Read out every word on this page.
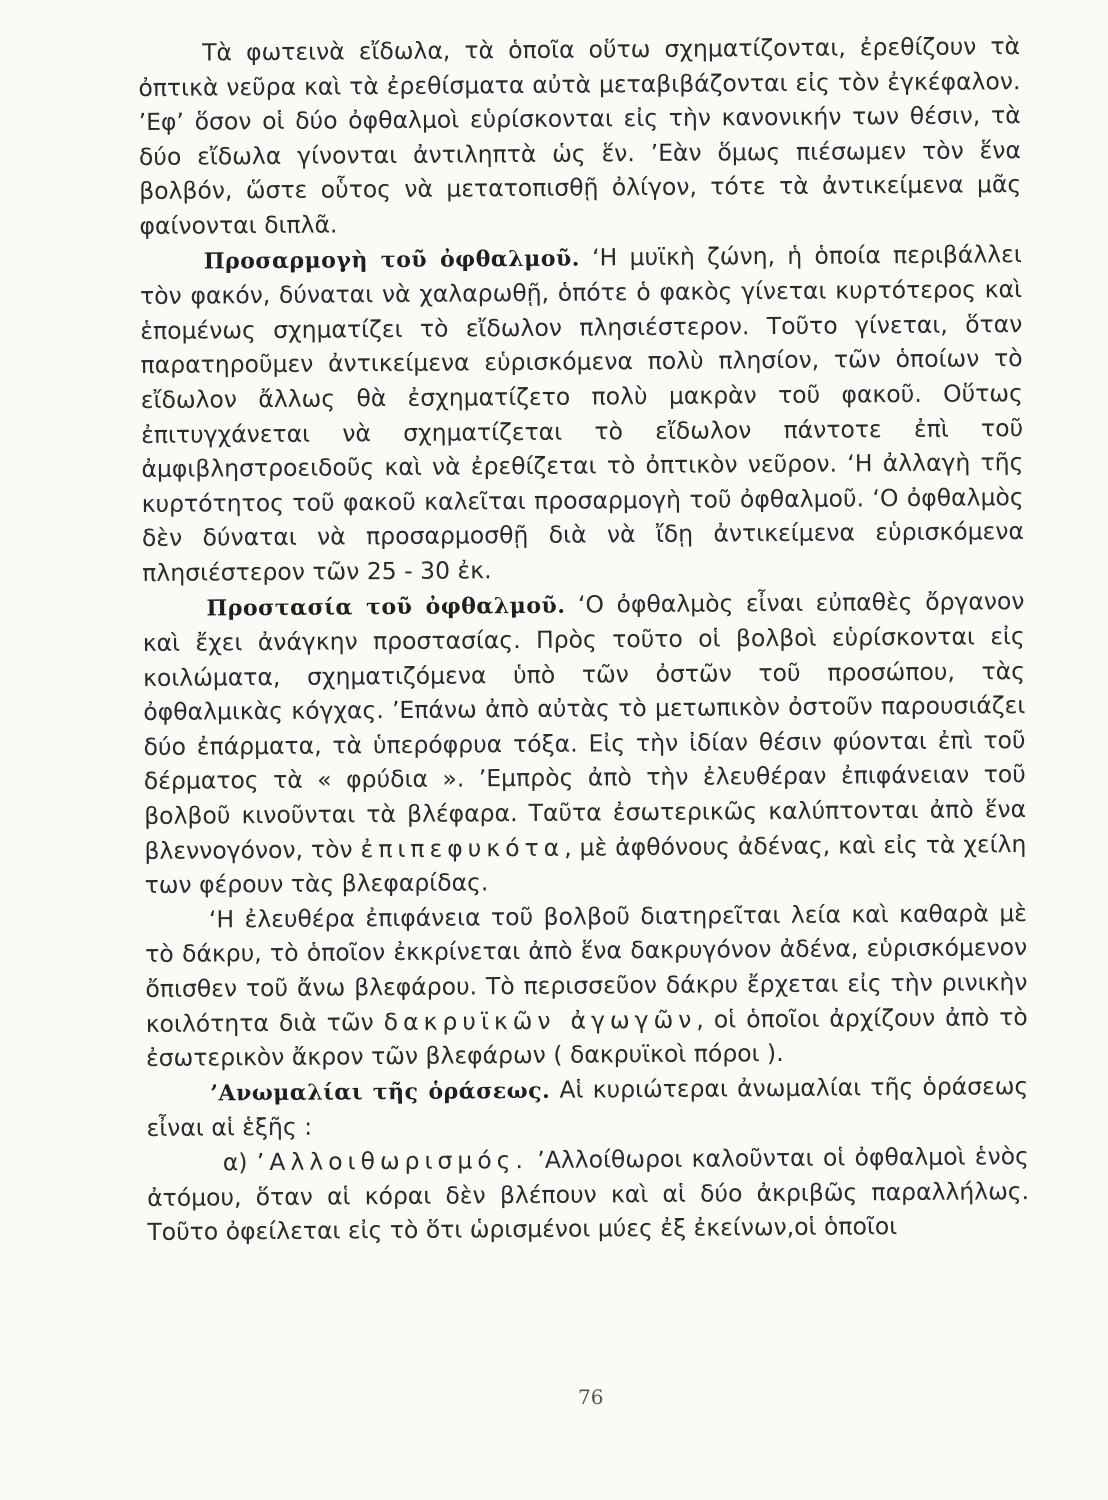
Τὰ φωτεινὰ εἴδωλα, τὰ ὁποῖα οὕτω σχηματίζονται, ἐρεθίζουν τὰ ὀπτικὰ νεῦρα καὶ τὰ ἐρεθίσματα αὐτὰ μεταβιβάζονται εἰς τὸν ἐγκέφαλον. ’Εφ’ ὅσον οἱ δύο ὀφθαλμοὶ εὑρίσκονται εἰς τὴν κανονικήν των θέσιν, τὰ δύο εἴδωλα γίνονται ἀντιληπτὰ ὡς ἕν. ’Εὰν ὅμως πιέσωμεν τὸν ἕνα βολβόν, ὥστε οὗτος νὰ μετατοπισθῇ ὀλίγον, τότε τὰ ἀντικείμενα μᾶς φαίνονται διπλᾶ.

Προσαρμογὴ τοῦ ὀφθαλμοῦ. ‘Η μυϊκὴ ζώνη, ἡ ὁποία περιβάλλει τὸν φακόν, δύναται νὰ χαλαρωθῇ, ὁπότε ὁ φακὸς γίνεται κυρτότερος καὶ ἑπομένως σχηματίζει τὸ εἴδωλον πλησιέστερον. Τοῦτο γίνεται, ὅταν παρατηροῦμεν ἀντικείμενα εὑρισκόμενα πολὺ πλησίον, τῶν ὁποίων τὸ εἴδωλον ἄλλως θὰ ἐσχηματίζετο πολὺ μακρὰν τοῦ φακοῦ. Οὕτως ἐπιτυγχάνεται νὰ σχηματίζεται τὸ εἴδωλον πάντοτε ἐπὶ τοῦ ἀμφιβληστροειδοῦς καὶ νὰ ἐρεθίζεται τὸ ὀπτικὸν νεῦρον. ‘Η ἀλλαγὴ τῆς κυρτότητος τοῦ φακοῦ καλεῖται προσαρμογὴ τοῦ ὀφθαλμοῦ. ‘Ο ὀφθαλμὸς δὲν δύναται νὰ προσαρμοσθῇ διὰ νὰ ἴδῃ ἀντικείμενα εὑρισκόμενα πλησιέστερον τῶν 25 - 30 ἐκ.

Προστασία τοῦ ὀφθαλμοῦ. ‘Ο ὀφθαλμὸς εἶναι εὐπαθὲς ὄργανον καὶ ἔχει ἀνάγκην προστασίας. Πρὸς τοῦτο οἱ βολβοὶ εὑρίσκονται εἰς κοιλώματα, σχηματιζόμενα ὑπὸ τῶν ὀστῶν τοῦ προσώπου, τὰς ὀφθαλμικὰς κόγχας. ’Επάνω ἀπὸ αὐτὰς τὸ μετωπικὸν ὀστοῦν παρουσιάζει δύο ἐπάρματα, τὰ ὑπερόφρυα τόξα. Εἰς τὴν ἰδίαν θέσιν φύονται ἐπὶ τοῦ δέρματος τὰ « φρύδια ». ’Εμπρὸς ἀπὸ τὴν ἐλευθέραν ἐπιφάνειαν τοῦ βολβοῦ κινοῦνται τὰ βλέφαρα. Ταῦτα ἐσωτερικῶς καλύπτονται ἀπὸ ἕνα βλεννογόνον, τὸν ἐπιπεφυκότα, μὲ ἀφθόνους ἀδένας, καὶ εἰς τὰ χείλη των φέρουν τὰς βλεφαρίδας.

‘Η ἐλευθέρα ἐπιφάνεια τοῦ βολβοῦ διατηρεῖται λεία καὶ καθαρὰ μὲ τὸ δάκρυ, τὸ ὁποῖον ἐκκρίνεται ἀπὸ ἕνα δακρυγόνον ἀδένα, εὑρισκόμενον ὄπισθεν τοῦ ἄνω βλεφάρου. Τὸ περισσεῦον δάκρυ ἔρχεται εἰς τὴν ρινικὴν κοιλότητα διὰ τῶν δακρυϊκῶν ἀγωγῶν, οἱ ὁποῖοι ἀρχίζουν ἀπὸ τὸ ἐσωτερικὸν ἄκρον τῶν βλεφάρων ( δακρυϊκοὶ πόροι ).

’Ανωμαλίαι τῆς ὁράσεως. Αἱ κυριώτεραι ἀνωμαλίαι τῆς ὁράσεως εἶναι αἱ ἑξῆς :

α) ’Αλλοιθωρισμός. ’Αλλοίθωροι καλοῦνται οἱ ὀφθαλμοὶ ἑνὸς ἀτόμου, ὅταν αἱ κόραι δὲν βλέπουν καὶ αἱ δύο ἀκριβῶς παραλλήλως. Τοῦτο ὀφείλεται εἰς τὸ ὅτι ὡρισμένοι μύες ἐξ ἐκείνων,οἱ ὁποῖοι

76
